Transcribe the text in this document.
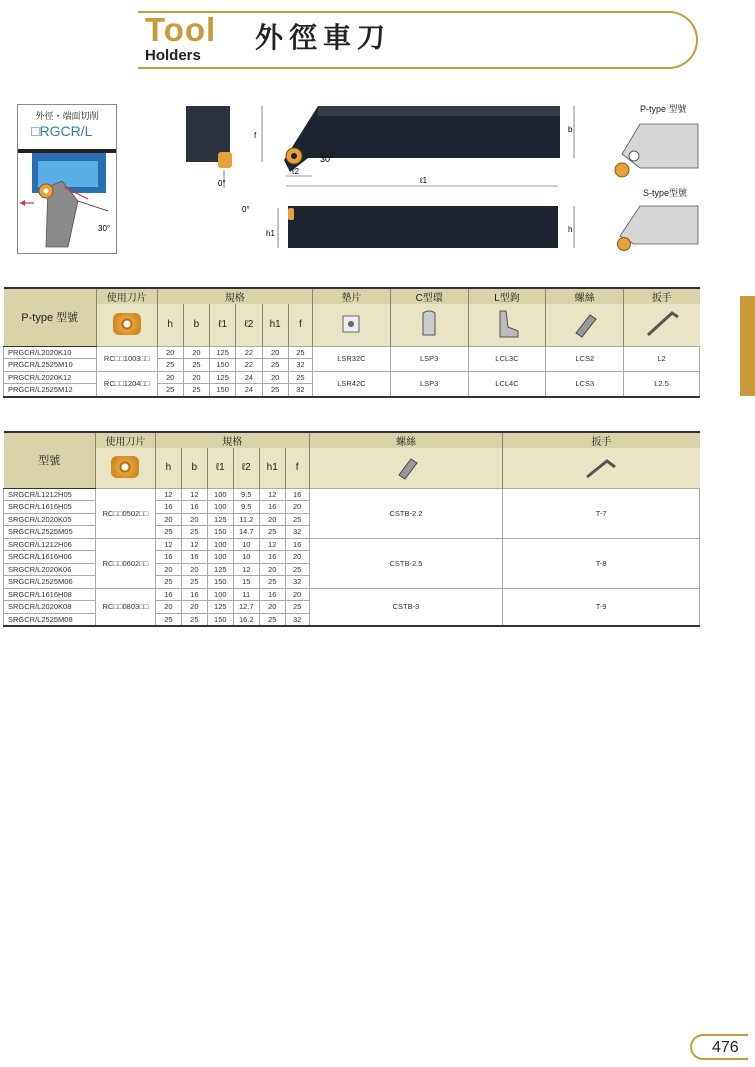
Tool
Holders
外徑車刀
外徑・端面切削
□RGCR/L
30°
0°
f
b
30°
ℓ2
ℓ1
0°
h1	h
P-type 型號
S-type型號
P-type 型號	使用刀片	規格						墊片	C型環	L型鉤	螺絲	扳手
		h	b	ℓ1	ℓ2	h1	f					
PRGCR/L2020K10	RC□□1003□□	20	20	125	22	20	25	LSR32C	LSP3	LCL3C	LCS2	L2
PRGCR/L2525M10		25	25	150	22	25	32					
PRGCR/L2020K12	RC□□1204□□	20	20	125	24	20	25	LSR42C	LSP3	LCL4C	LCS3	L2.5
PRGCR/L2525M12		25	25	150	24	25	32					
型號	使用刀片	規格						螺絲	扳手
		h	b	ℓ1	ℓ2	h1	f		
SRGCR/L1212H05	RC□□0502□□	12	12	100	9.5	12	16	CSTB-2.2	T-7
SRGCR/L1616H05		16	16	100	9.5	16	20		
SRGCR/L2020K05		20	20	125	11.2	20	25		
SRGCR/L2525M05		25	25	150	14.7	25	32		
SRGCR/L1212H06	RC□□0602□□	12	12	100	10	12	16	CSTB-2.5	T-8
SRGCR/L1616H06		16	16	100	10	16	20		
SRGCR/L2020K06		20	20	125	12	20	25		
SRGCR/L2525M06		25	25	150	15	25	32		
SRGCR/L1616H08	RC□□0803□□	16	16	100	11	16	20	CSTB-3	T-9
SRGCR/L2020K08		20	20	125	12.7	20	25		
SRGCR/L2525M08		25	25	150	16.2	25	32		
476
